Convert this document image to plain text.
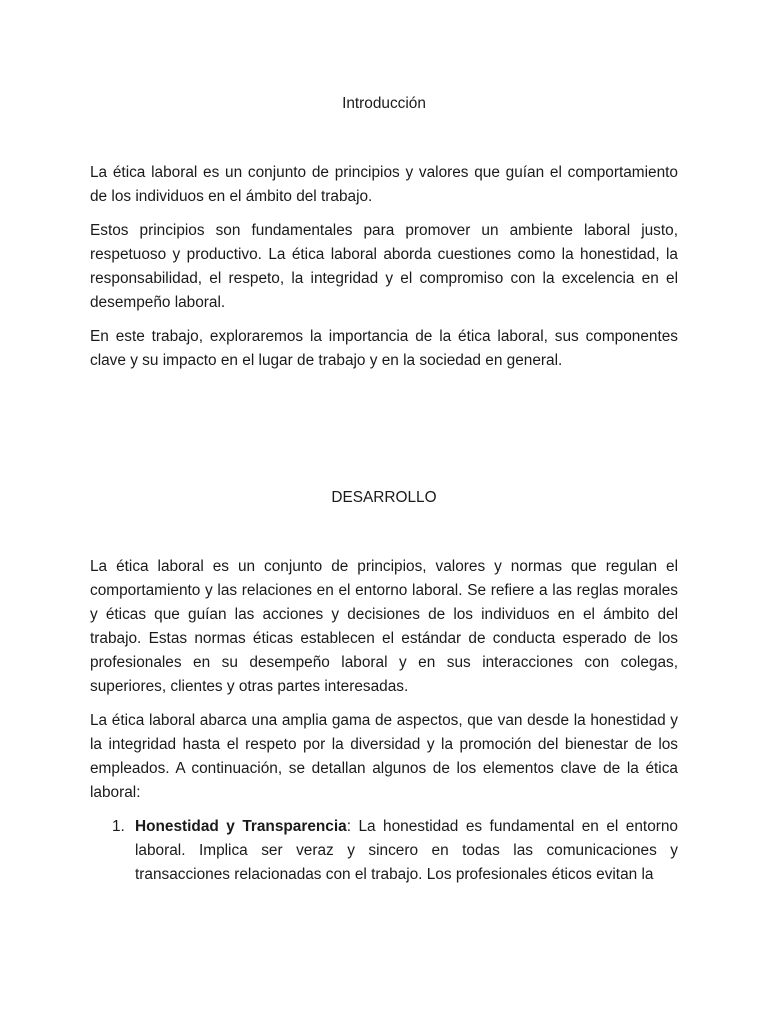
Introducción

La ética laboral es un conjunto de principios y valores que guían el comportamiento de los individuos en el ámbito del trabajo.

Estos principios son fundamentales para promover un ambiente laboral justo, respetuoso y productivo. La ética laboral aborda cuestiones como la honestidad, la responsabilidad, el respeto, la integridad y el compromiso con la excelencia en el desempeño laboral.

En este trabajo, exploraremos la importancia de la ética laboral, sus componentes clave y su impacto en el lugar de trabajo y en la sociedad en general.

DESARROLLO

La ética laboral es un conjunto de principios, valores y normas que regulan el comportamiento y las relaciones en el entorno laboral. Se refiere a las reglas morales y éticas que guían las acciones y decisiones de los individuos en el ámbito del trabajo. Estas normas éticas establecen el estándar de conducta esperado de los profesionales en su desempeño laboral y en sus interacciones con colegas, superiores, clientes y otras partes interesadas.

La ética laboral abarca una amplia gama de aspectos, que van desde la honestidad y la integridad hasta el respeto por la diversidad y la promoción del bienestar de los empleados. A continuación, se detallan algunos de los elementos clave de la ética laboral:

1. Honestidad y Transparencia: La honestidad es fundamental en el entorno laboral. Implica ser veraz y sincero en todas las comunicaciones y transacciones relacionadas con el trabajo. Los profesionales éticos evitan la
